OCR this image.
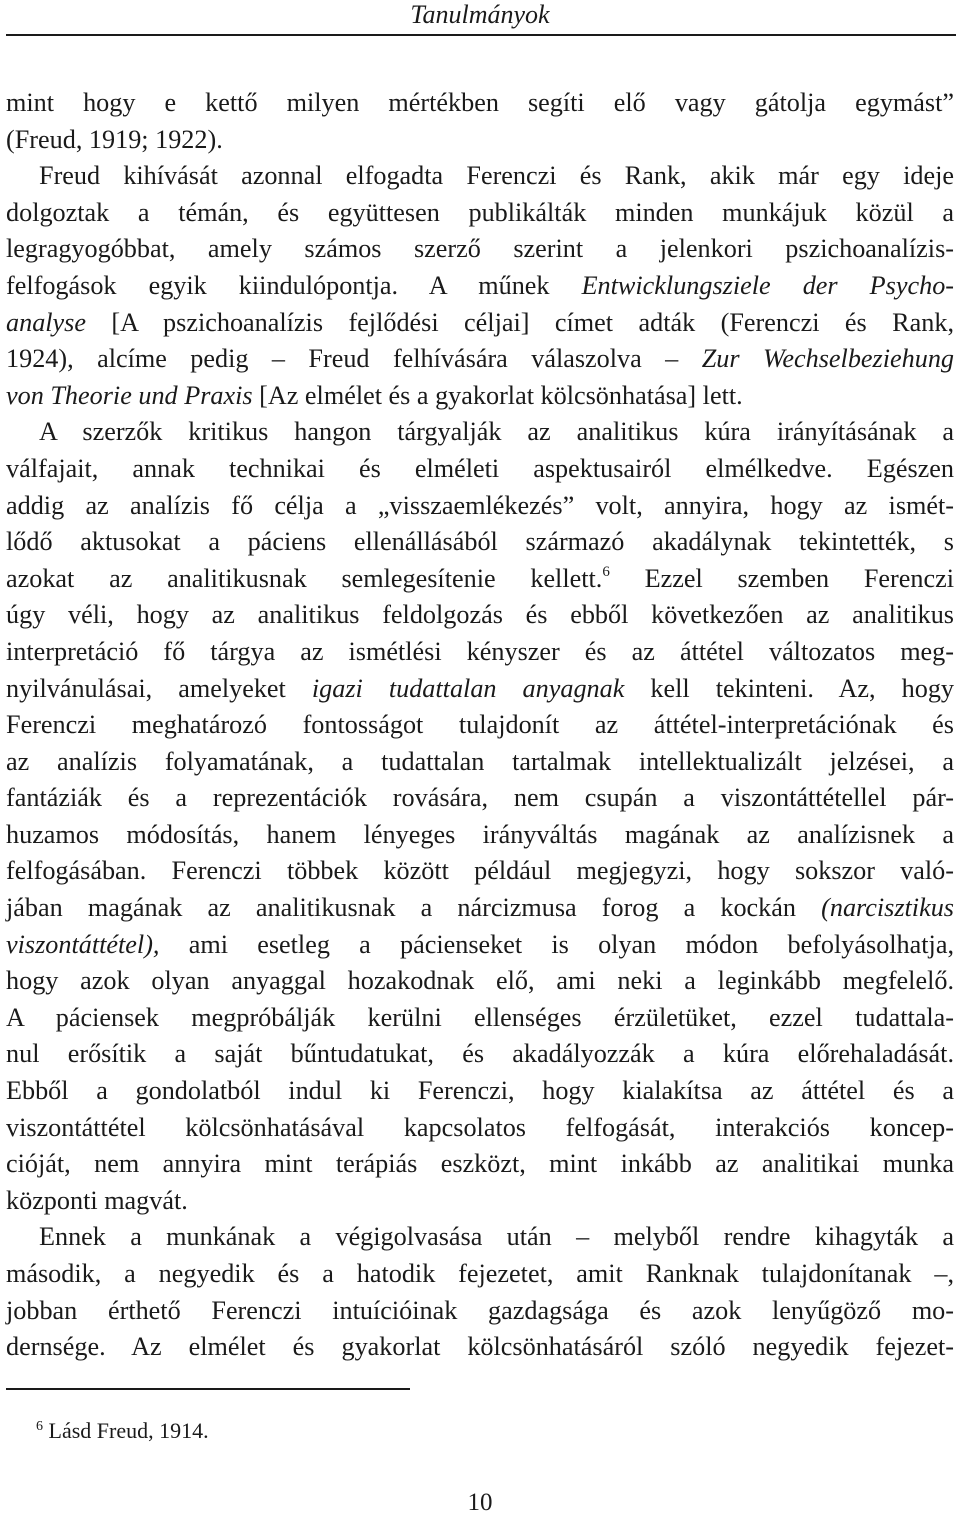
Tanulmányok
mint hogy e kettő milyen mértékben segíti elő vagy gátolja egymást”
(Freud, 1919; 1922).
Freud kihívását azonnal elfogadta Ferenczi és Rank, akik már egy ideje
dolgoztak a témán, és együttesen publikálták minden munkájuk közül a
legragyogóbbat, amely számos szerző szerint a jelenkori pszichoanalízis-
felfogások egyik kiindulópontja. A műnek Entwicklungsziele der Psycho-
analyse [A pszichoanalízis fejlődési céljai] címet adták (Ferenczi és Rank,
1924), alcíme pedig – Freud felhívására válaszolva – Zur Wechselbeziehung
von Theorie und Praxis [Az elmélet és a gyakorlat kölcsönhatása] lett.
A szerzők kritikus hangon tárgyalják az analitikus kúra irányításának a
válfajait, annak technikai és elméleti aspektusairól elmélkedve. Egészen
addig az analízis fő célja a „visszaemlékezés” volt, annyira, hogy az ismét-
lődő aktusokat a páciens ellenállásából származó akadálynak tekintették, s
azokat az analitikusnak semlegesítenie kellett.$^6$ Ezzel szemben Ferenczi
úgy véli, hogy az analitikus feldolgozás és ebből következően az analitikus
interpretáció fő tárgya az ismétlési kényszer és az áttétel változatos meg-
nyilvánulásai, amelyeket igazi tudattalan anyagnak kell tekinteni. Az, hogy
Ferenczi meghatározó fontosságot tulajdonít az áttétel-interpretációnak és
az analízis folyamatának, a tudattalan tartalmak intellektualizált jelzései, a
fantáziák és a reprezentációk rovására, nem csupán a viszontáttétellel pár-
huzamos módosítás, hanem lényeges irányváltás magának az analízisnek a
felfogásában. Ferenczi többek között például megjegyzi, hogy sokszor való-
jában magának az analitikusnak a nárcizmusa forog a kockán (narcisztikus
viszontáttétel), ami esetleg a pácienseket is olyan módon befolyásolhatja,
hogy azok olyan anyaggal hozakodnak elő, ami neki a leginkább megfelelő.
A páciensek megpróbálják kerülni ellenséges érzületüket, ezzel tudattala-
nul erősítik a saját bűntudatukat, és akadályozzák a kúra előrehaladását.
Ebből a gondolatból indul ki Ferenczi, hogy kialakítsa az áttétel és a
viszontáttétel kölcsönhatásával kapcsolatos felfogását, interakciós koncep-
cióját, nem annyira mint terápiás eszközt, mint inkább az analitikai munka
központi magvát.
Ennek a munkának a végigolvasása után – melyből rendre kihagyták a
második, a negyedik és a hatodik fejezetet, amit Ranknak tulajdonítanak –,
jobban érthető Ferenczi intuícióinak gazdagsága és azok lenyűgöző mo-
dernsége. Az elmélet és gyakorlat kölcsönhatásáról szóló negyedik fejezet-
$^6$ Lásd Freud, 1914.
10
